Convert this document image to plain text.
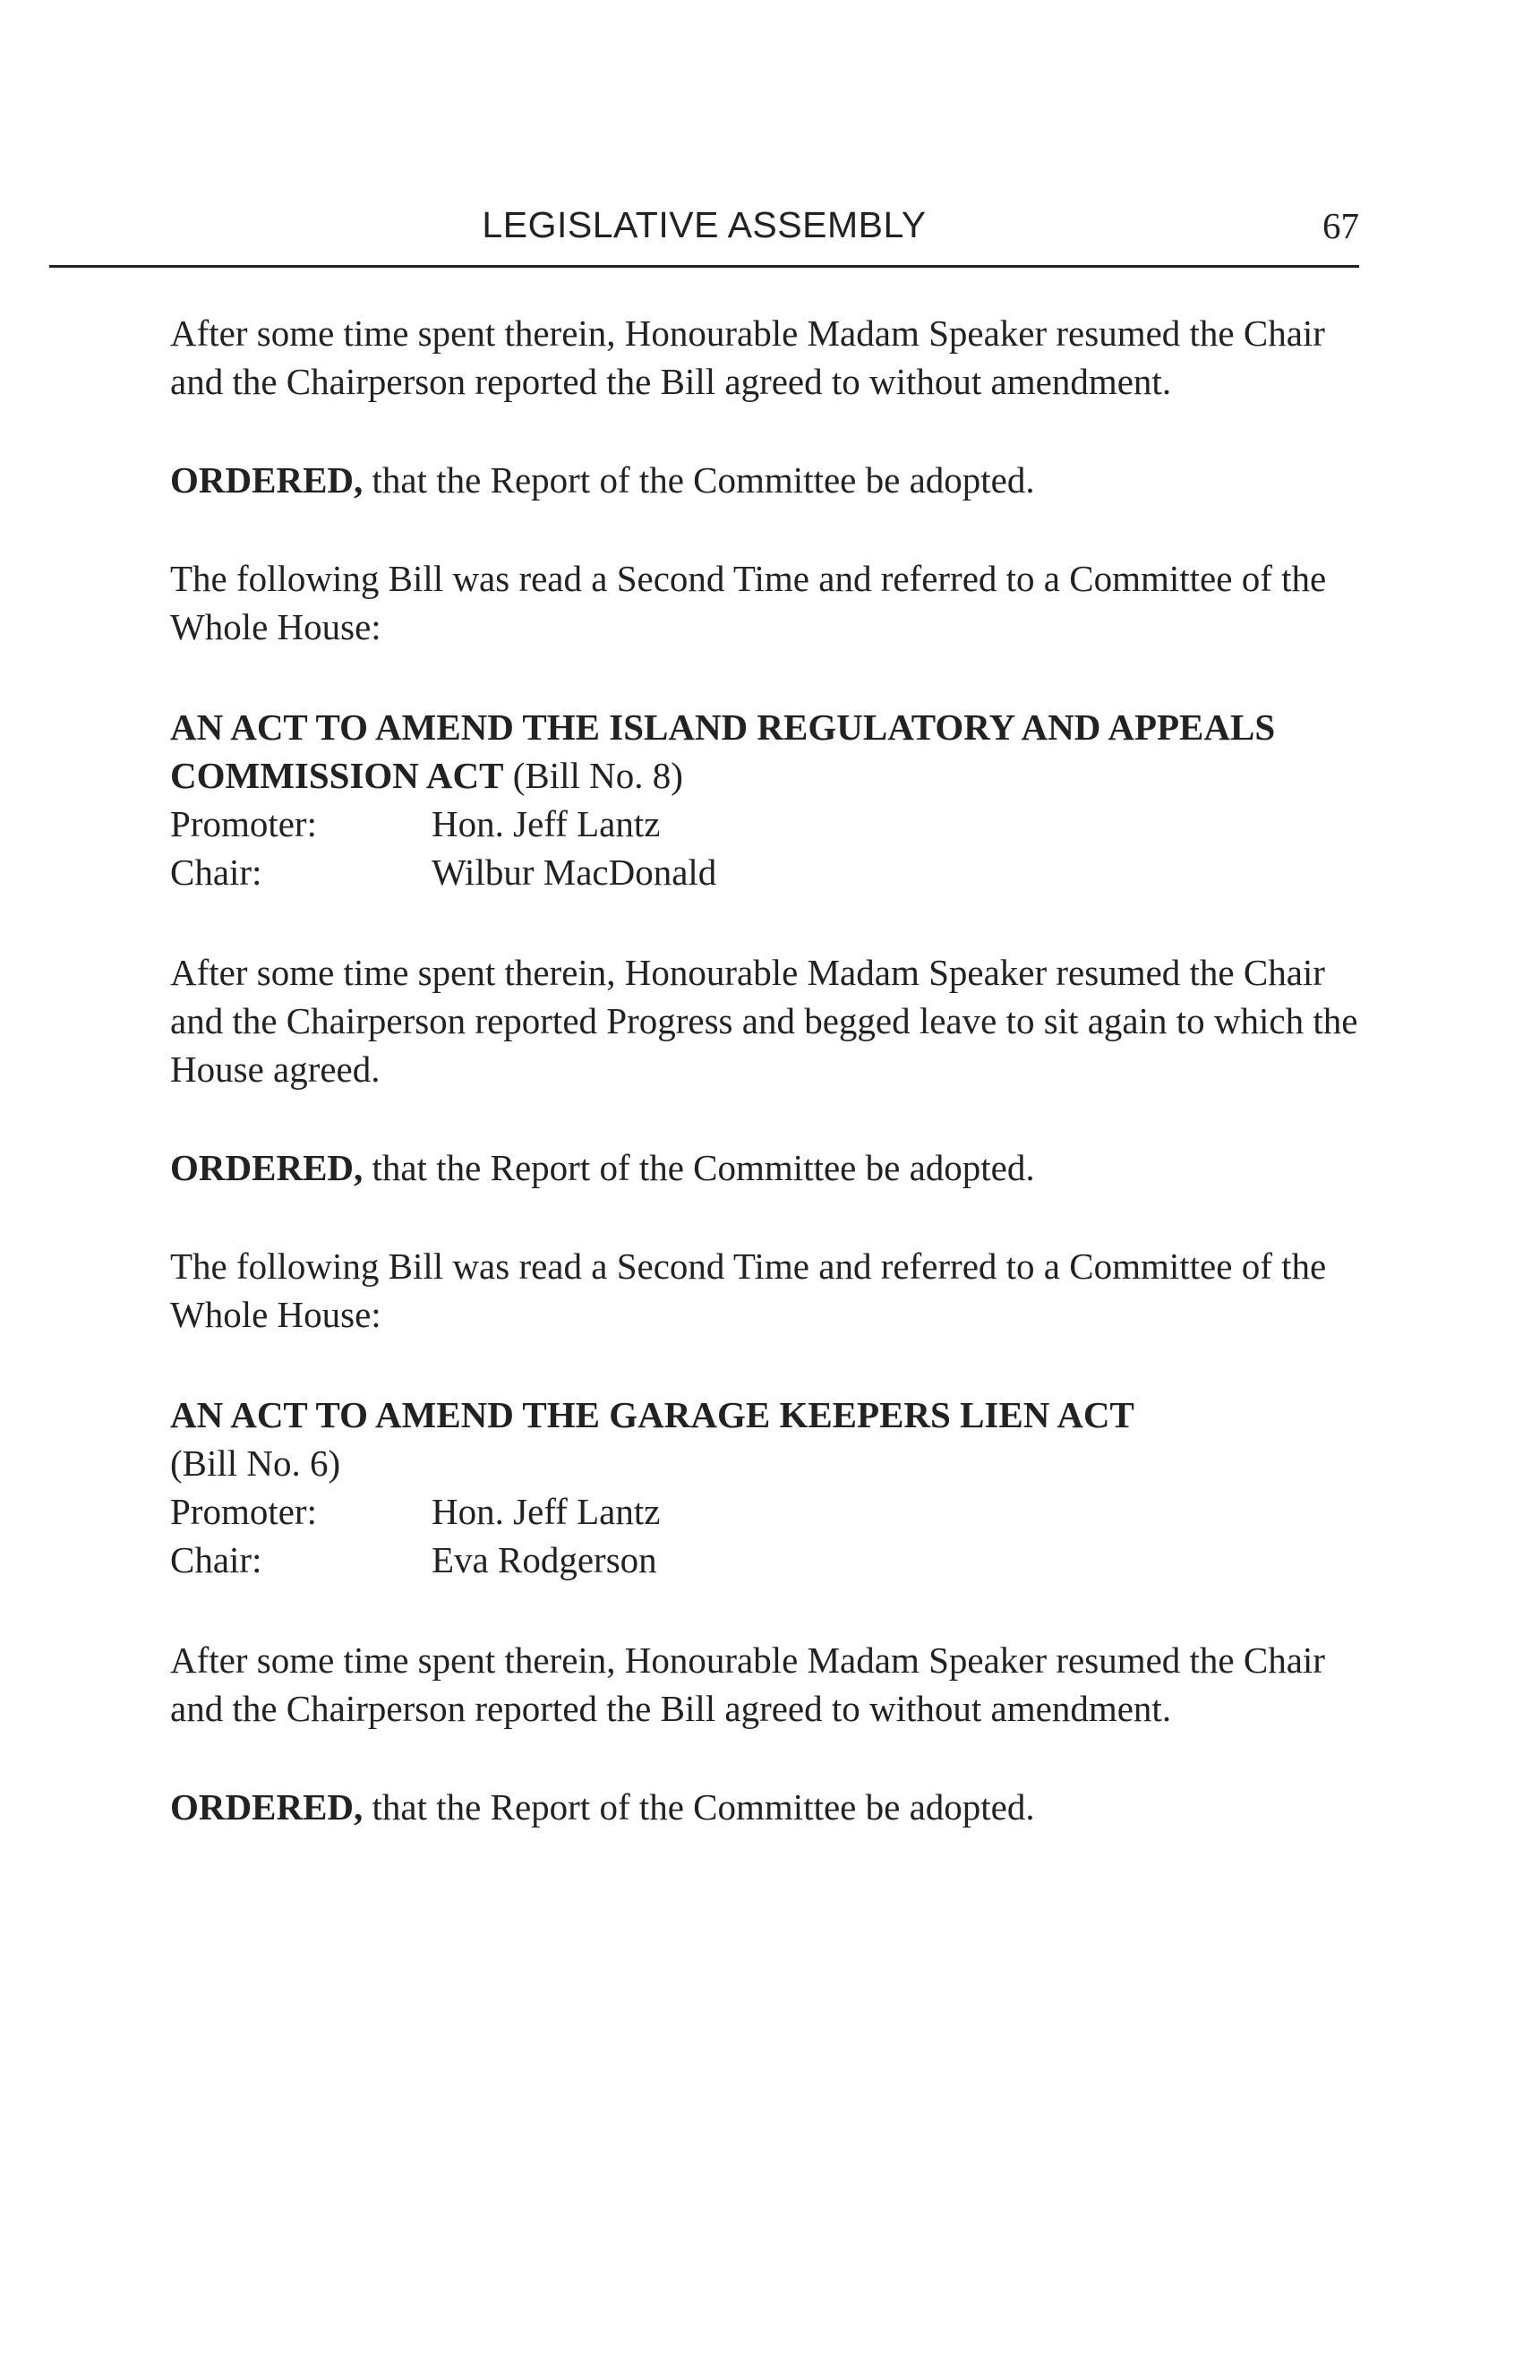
LEGISLATIVE ASSEMBLY	67

After some time spent therein, Honourable Madam Speaker resumed the Chair and the Chairperson reported the Bill agreed to without amendment.

ORDERED, that the Report of the Committee be adopted.

The following Bill was read a Second Time and referred to a Committee of the Whole House:

AN ACT TO AMEND THE ISLAND REGULATORY AND APPEALS COMMISSION ACT (Bill No. 8)

Promoter:	Hon. Jeff Lantz
Chair:	Wilbur MacDonald

After some time spent therein, Honourable Madam Speaker resumed the Chair and the Chairperson reported Progress and begged leave to sit again to which the House agreed.

ORDERED, that the Report of the Committee be adopted.

The following Bill was read a Second Time and referred to a Committee of the Whole House:

AN ACT TO AMEND THE GARAGE KEEPERS LIEN ACT

(Bill No. 6)

Promoter:	Hon. Jeff Lantz
Chair:	Eva Rodgerson

After some time spent therein, Honourable Madam Speaker resumed the Chair and the Chairperson reported the Bill agreed to without amendment.

ORDERED, that the Report of the Committee be adopted.
